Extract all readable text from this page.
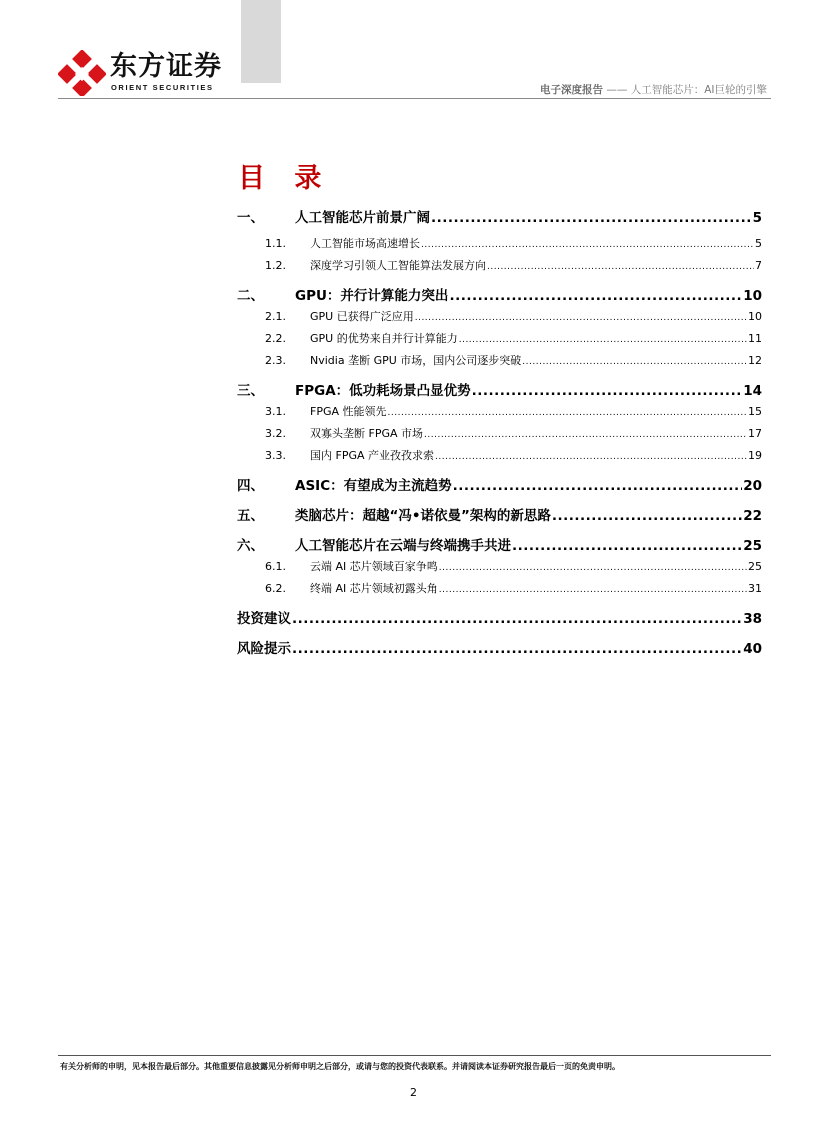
东方证券
ORIENT SECURITIES	电子深度报告 —— 人工智能芯片：AI巨轮的引擎
目 录
一、	人工智能芯片前景广阔 .....	5
1.1.	人工智能市场高速增长 .....	5
1.2.	深度学习引领人工智能算法发展方向 .....	7
二、	GPU：并行计算能力突出 .....	10
2.1.	GPU 已获得广泛应用 .....	10
2.2.	GPU 的优势来自并行计算能力 .....	11
2.3.	Nvidia 垄断 GPU 市场，国内公司逐步突破 .....	12
三、	FPGA：低功耗场景凸显优势 .....	14
3.1.	FPGA 性能领先 .....	15
3.2.	双寡头垄断 FPGA 市场 .....	17
3.3.	国内 FPGA 产业孜孜求索 .....	19
四、	ASIC：有望成为主流趋势 .....	20
五、	类脑芯片：超越“冯•诺依曼”架构的新思路 .....	22
六、	人工智能芯片在云端与终端携手共进 .....	25
6.1.	云端 AI 芯片领域百家争鸣 .....	25
6.2.	终端 AI 芯片领域初露头角 .....	31
投资建议 .....	38
风险提示 .....	40
有关分析师的申明，见本报告最后部分。其他重要信息披露见分析师申明之后部分，或请与您的投资代表联系。并请阅读本证券研究报告最后一页的免责申明。
2
